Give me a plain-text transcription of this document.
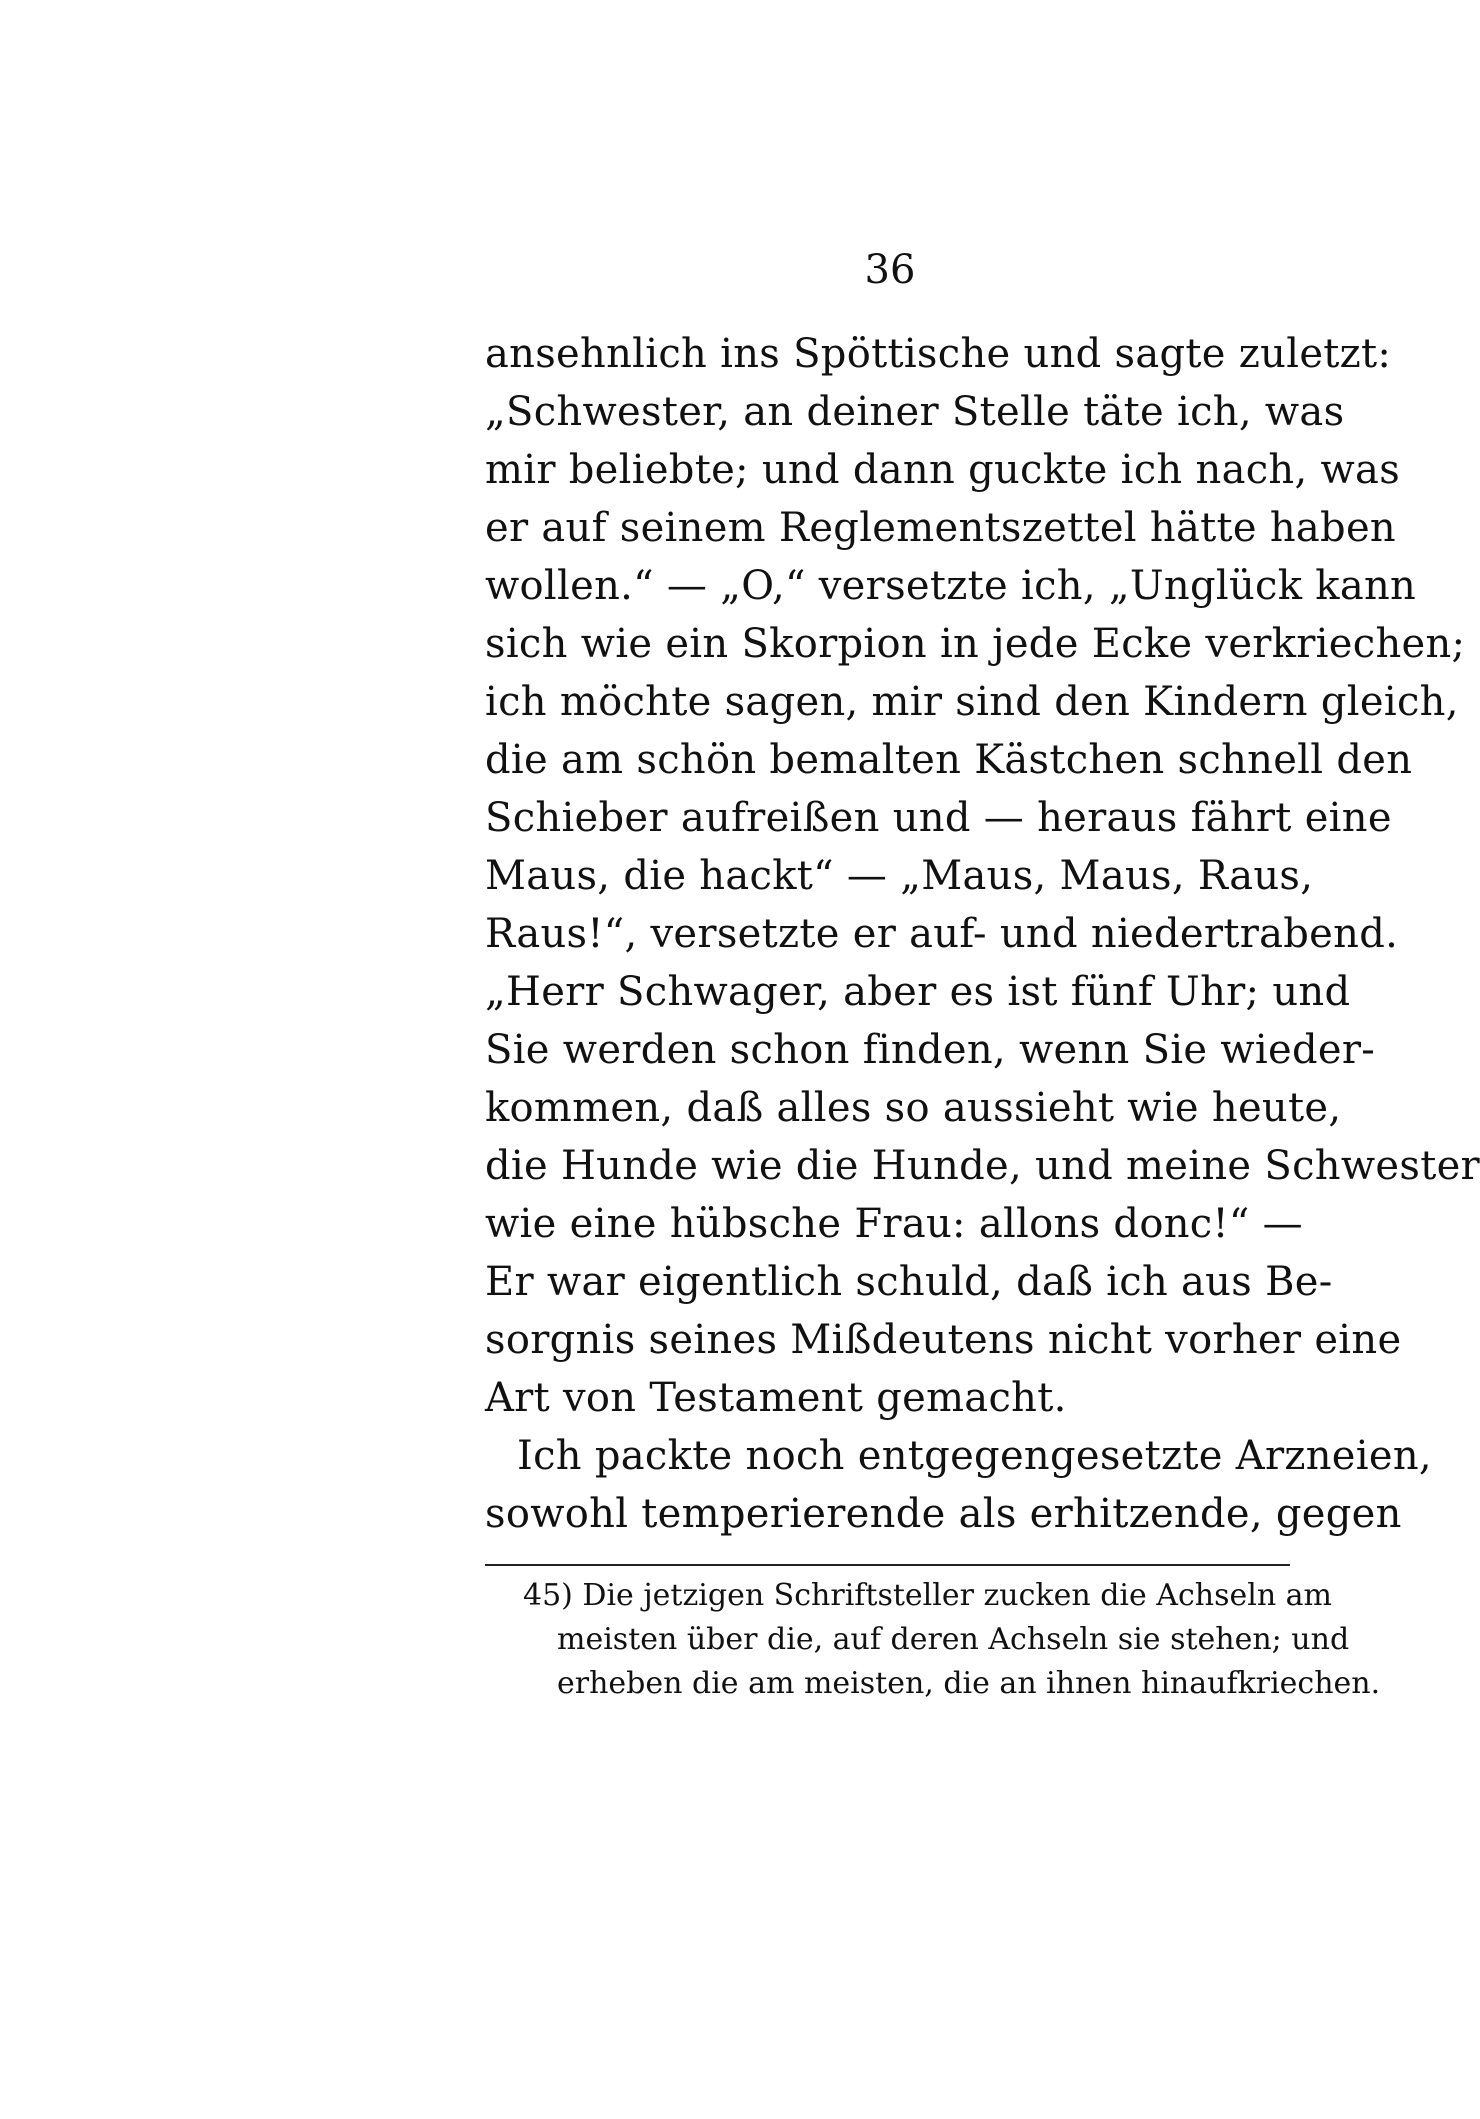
36
ansehnlich ins Spöttische und sagte zuletzt:
„Schwester, an deiner Stelle täte ich, was
mir beliebte; und dann guckte ich nach, was
er auf seinem Reglementszettel hätte haben
wollen.“ — „O,“ versetzte ich, „Unglück kann
sich wie ein Skorpion in jede Ecke verkriechen;
ich möchte sagen, mir sind den Kindern gleich,
die am schön bemalten Kästchen schnell den
Schieber aufreißen und — heraus fährt eine
Maus, die hackt“ — „Maus, Maus, Raus,
Raus!“, versetzte er auf- und niedertrabend.
„Herr Schwager, aber es ist fünf Uhr; und
Sie werden schon finden, wenn Sie wieder-
kommen, daß alles so aussieht wie heute,
die Hunde wie die Hunde, und meine Schwester
wie eine hübsche Frau: allons donc!“ —
Er war eigentlich schuld, daß ich aus Be-
sorgnis seines Mißdeutens nicht vorher eine
Art von Testament gemacht.
Ich packte noch entgegengesetzte Arzneien,
sowohl temperierende als erhitzende, gegen
45) Die jetzigen Schriftsteller zucken die Achseln am
meisten über die, auf deren Achseln sie stehen; und
erheben die am meisten, die an ihnen hinaufkriechen.
